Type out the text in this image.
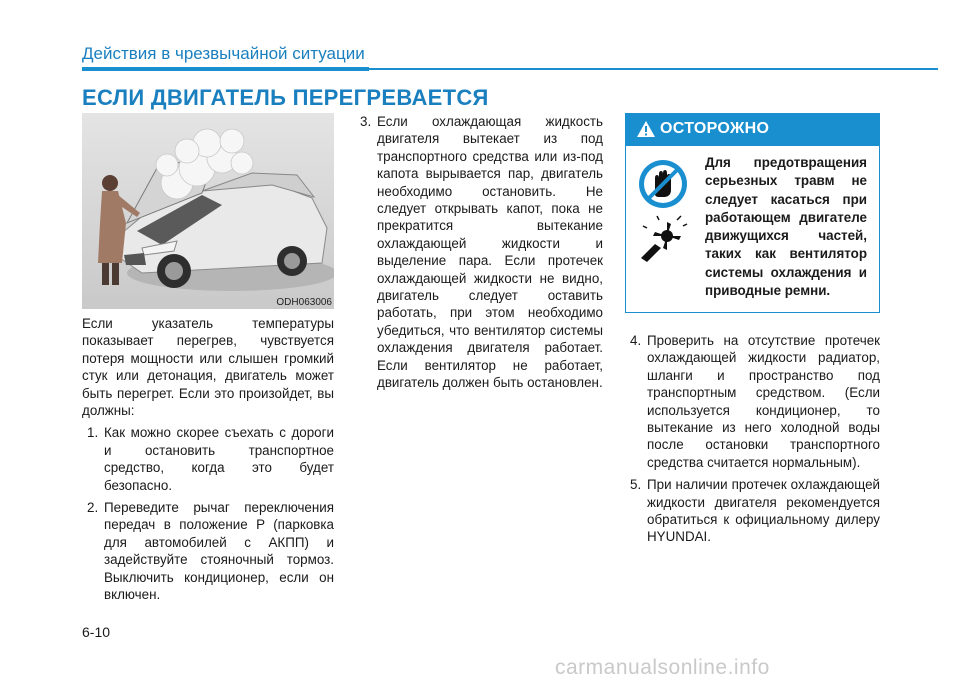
Действия в чрезвычайной ситуации
ЕСЛИ ДВИГАТЕЛЬ ПЕРЕГРЕВАЕТСЯ
ODH063006

Если указатель температуры показывает перегрев, чувствуется потеря мощности или слышен громкий стук или детонация, двигатель может быть перегрет. Если это произойдет, вы должны:

1. Как можно скорее съехать с дороги и остановить транспортное средство, когда это будет безопасно.
2. Переведите рычаг переключения передач в положение P (парковка для автомобилей с АКПП) и задействуйте стояночный тормоз. Выключить кондиционер, если он включен.
3. Если охлаждающая жидкость двигателя вытекает из под транспортного средства или из-под капота вырывается пар, двигатель необходимо остановить. Не следует открывать капот, пока не прекратится вытекание охлаждающей жидкости и выделение пара. Если протечек охлаждающей жидкости не видно, двигатель следует оставить работать, при этом необходимо убедиться, что вентилятор системы охлаждения двигателя работает. Если вентилятор не работает, двигатель должен быть остановлен.
ОСТОРОЖНО
Для предотвращения серьезных травм не следует касаться при работающем двигателе движущихся частей, таких как вентилятор системы охлаждения и приводные ремни.
4. Проверить на отсутствие протечек охлаждающей жидкости радиатор, шланги и пространство под транспортным средством. (Если используется кондиционер, то вытекание из него холодной воды после остановки транспортного средства считается нормальным).
5. При наличии протечек охлаждающей жидкости двигателя рекомендуется обратиться к официальному дилеру HYUNDAI.
6-10
carmanualsonline.info
